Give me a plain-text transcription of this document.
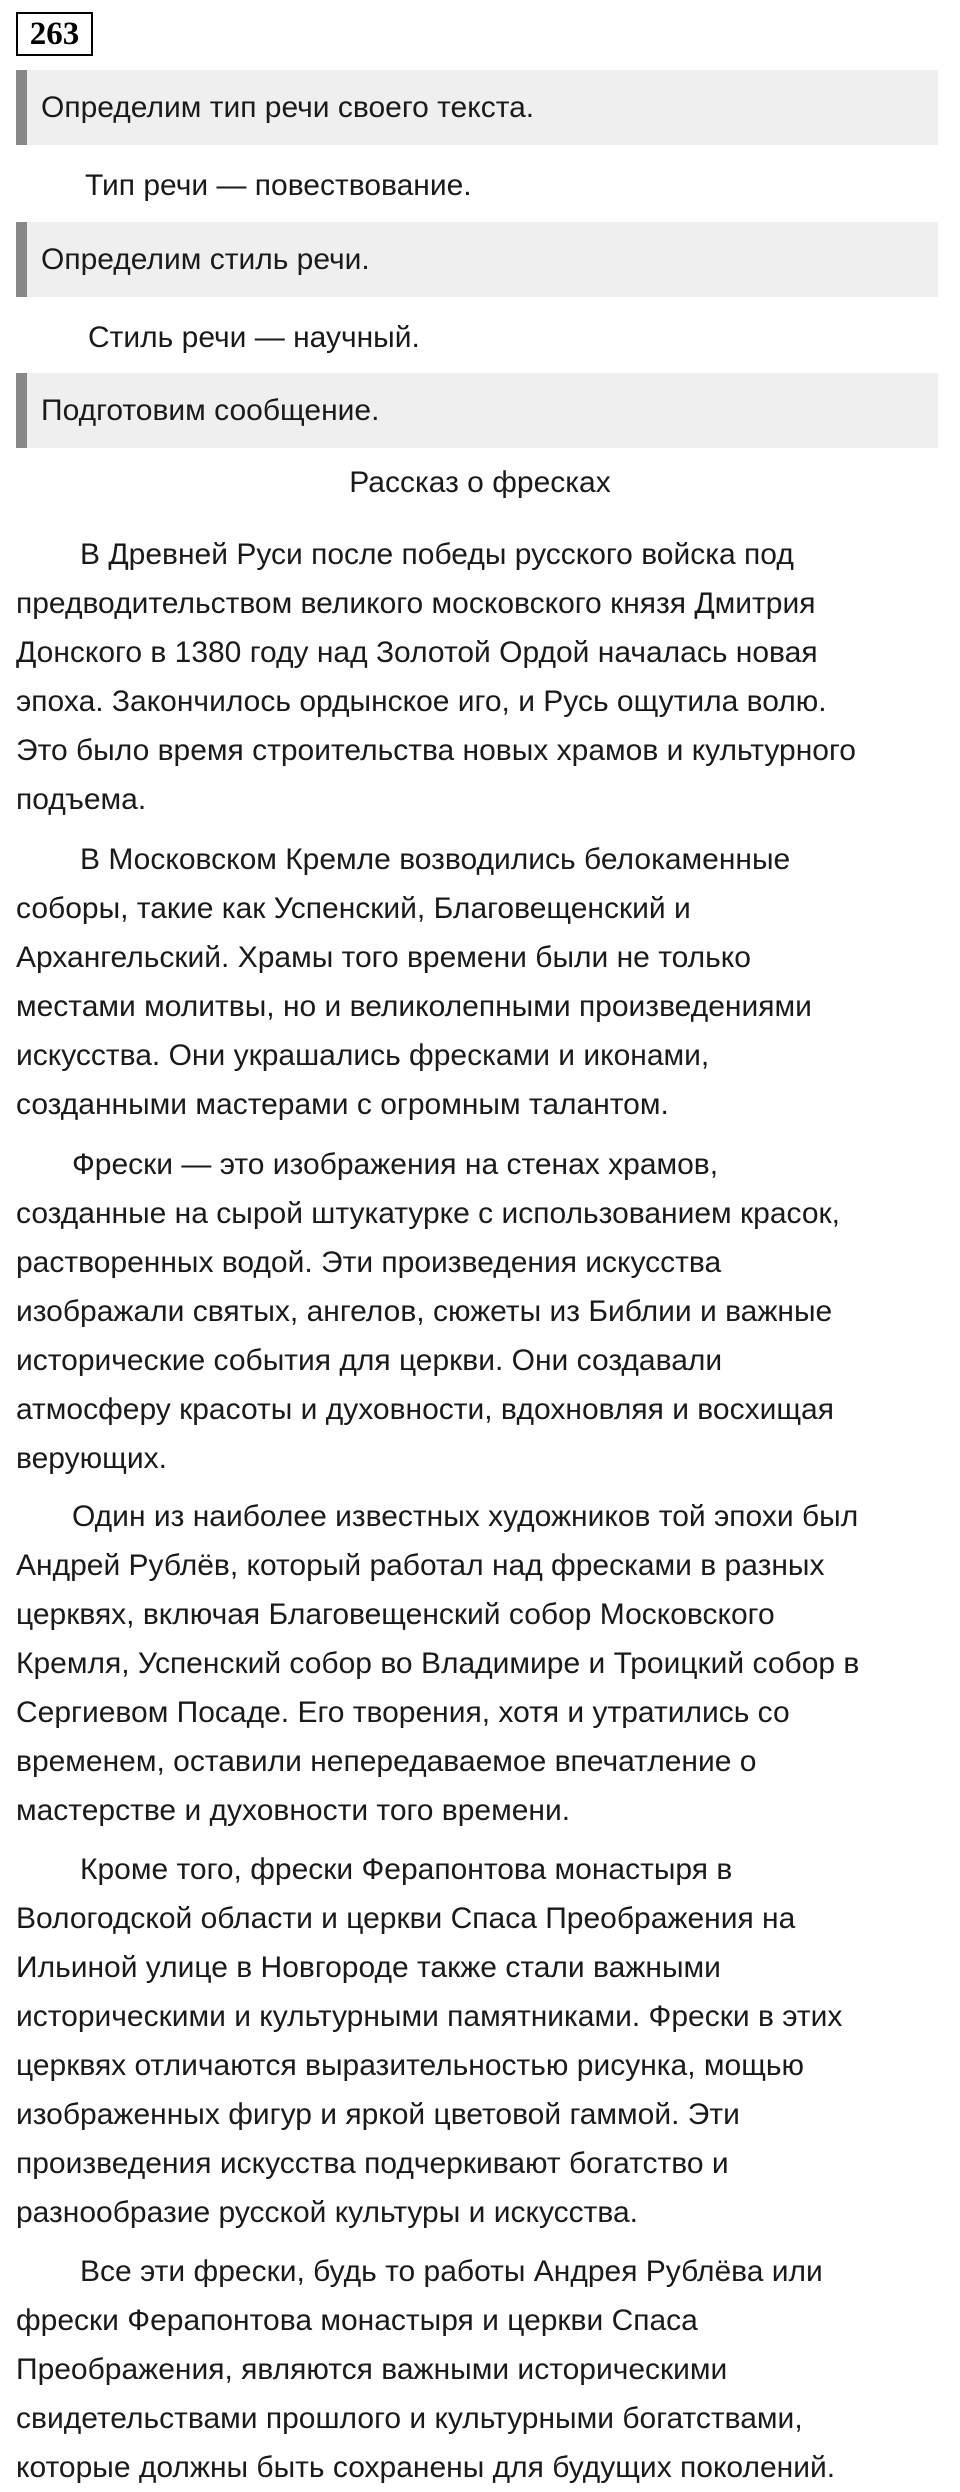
263
Определим тип речи своего текста.
Тип речи — повествование.
Определим стиль речи.
Стиль речи — научный.
Подготовим сообщение.
Рассказ о фресках
В Древней Руси после победы русского войска под
предводительством великого московского князя Дмитрия
Донского в 1380 году над Золотой Ордой началась новая
эпоха. Закончилось ордынское иго, и Русь ощутила волю.
Это было время строительства новых храмов и культурного
подъема.
В Московском Кремле возводились белокаменные
соборы, такие как Успенский, Благовещенский и
Архангельский. Храмы того времени были не только
местами молитвы, но и великолепными произведениями
искусства. Они украшались фресками и иконами,
созданными мастерами с огромным талантом.
Фрески — это изображения на стенах храмов,
созданные на сырой штукатурке с использованием красок,
растворенных водой. Эти произведения искусства
изображали святых, ангелов, сюжеты из Библии и важные
исторические события для церкви. Они создавали
атмосферу красоты и духовности, вдохновляя и восхищая
верующих.
Один из наиболее известных художников той эпохи был
Андрей Рублёв, который работал над фресками в разных
церквях, включая Благовещенский собор Московского
Кремля, Успенский собор во Владимире и Троицкий собор в
Сергиевом Посаде. Его творения, хотя и утратились со
временем, оставили непередаваемое впечатление о
мастерстве и духовности того времени.
Кроме того, фрески Ферапонтова монастыря в
Вологодской области и церкви Спаса Преображения на
Ильиной улице в Новгороде также стали важными
историческими и культурными памятниками. Фрески в этих
церквях отличаются выразительностью рисунка, мощью
изображенных фигур и яркой цветовой гаммой. Эти
произведения искусства подчеркивают богатство и
разнообразие русской культуры и искусства.
Все эти фрески, будь то работы Андрея Рублёва или
фрески Ферапонтова монастыря и церкви Спаса
Преображения, являются важными историческими
свидетельствами прошлого и культурными богатствами,
которые должны быть сохранены для будущих поколений.
